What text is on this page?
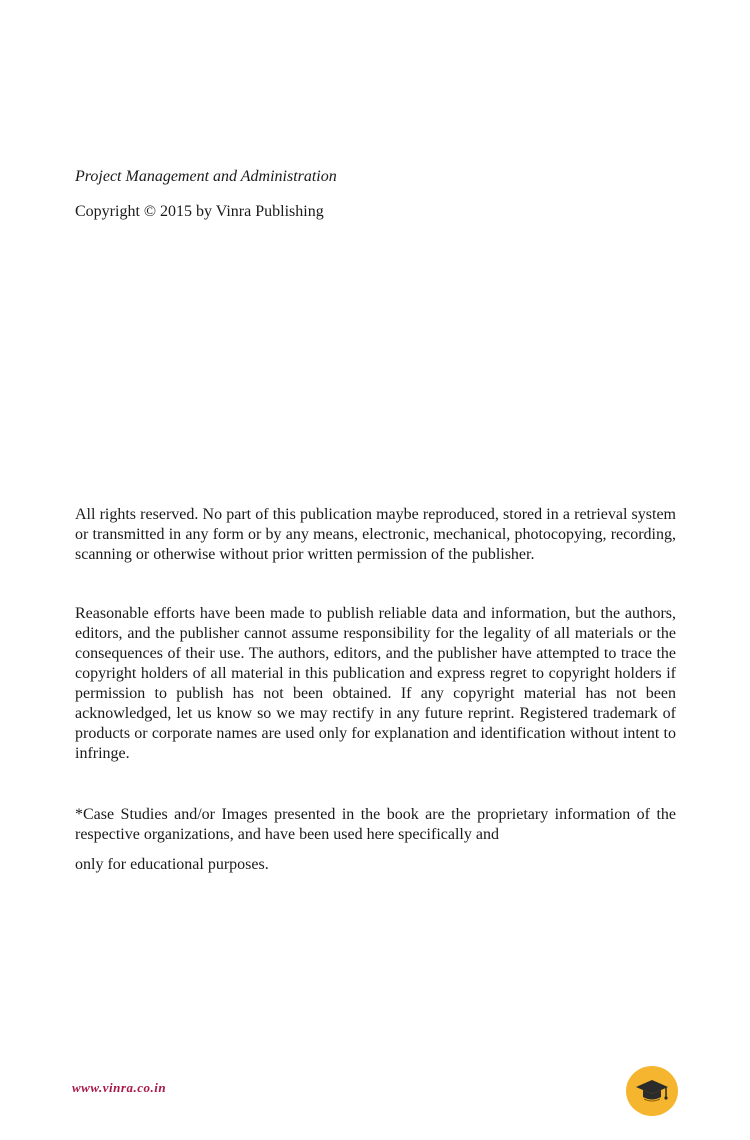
Project Management and Administration

Copyright © 2015 by Vinra Publishing

All rights reserved. No part of this publication maybe reproduced, stored in a retrieval system or transmitted in any form or by any means, electronic, mechanical, photocopying, recording, scanning or otherwise without prior written permission of the publisher.

Reasonable efforts have been made to publish reliable data and information, but the authors, editors, and the publisher cannot assume responsibility for the legality of all materials or the consequences of their use. The authors, editors, and the publisher have attempted to trace the copyright holders of all material in this publication and express regret to copyright holders if permission to publish has not been obtained. If any copyright material has not been acknowledged, let us know so we may rectify in any future reprint. Registered trademark of products or corporate names are used only for explanation and identification without intent to infringe.

*Case Studies and/or Images presented in the book are the proprietary information of the respective organizations, and have been used here specifically and

only for educational purposes.

www.vinra.co.in
